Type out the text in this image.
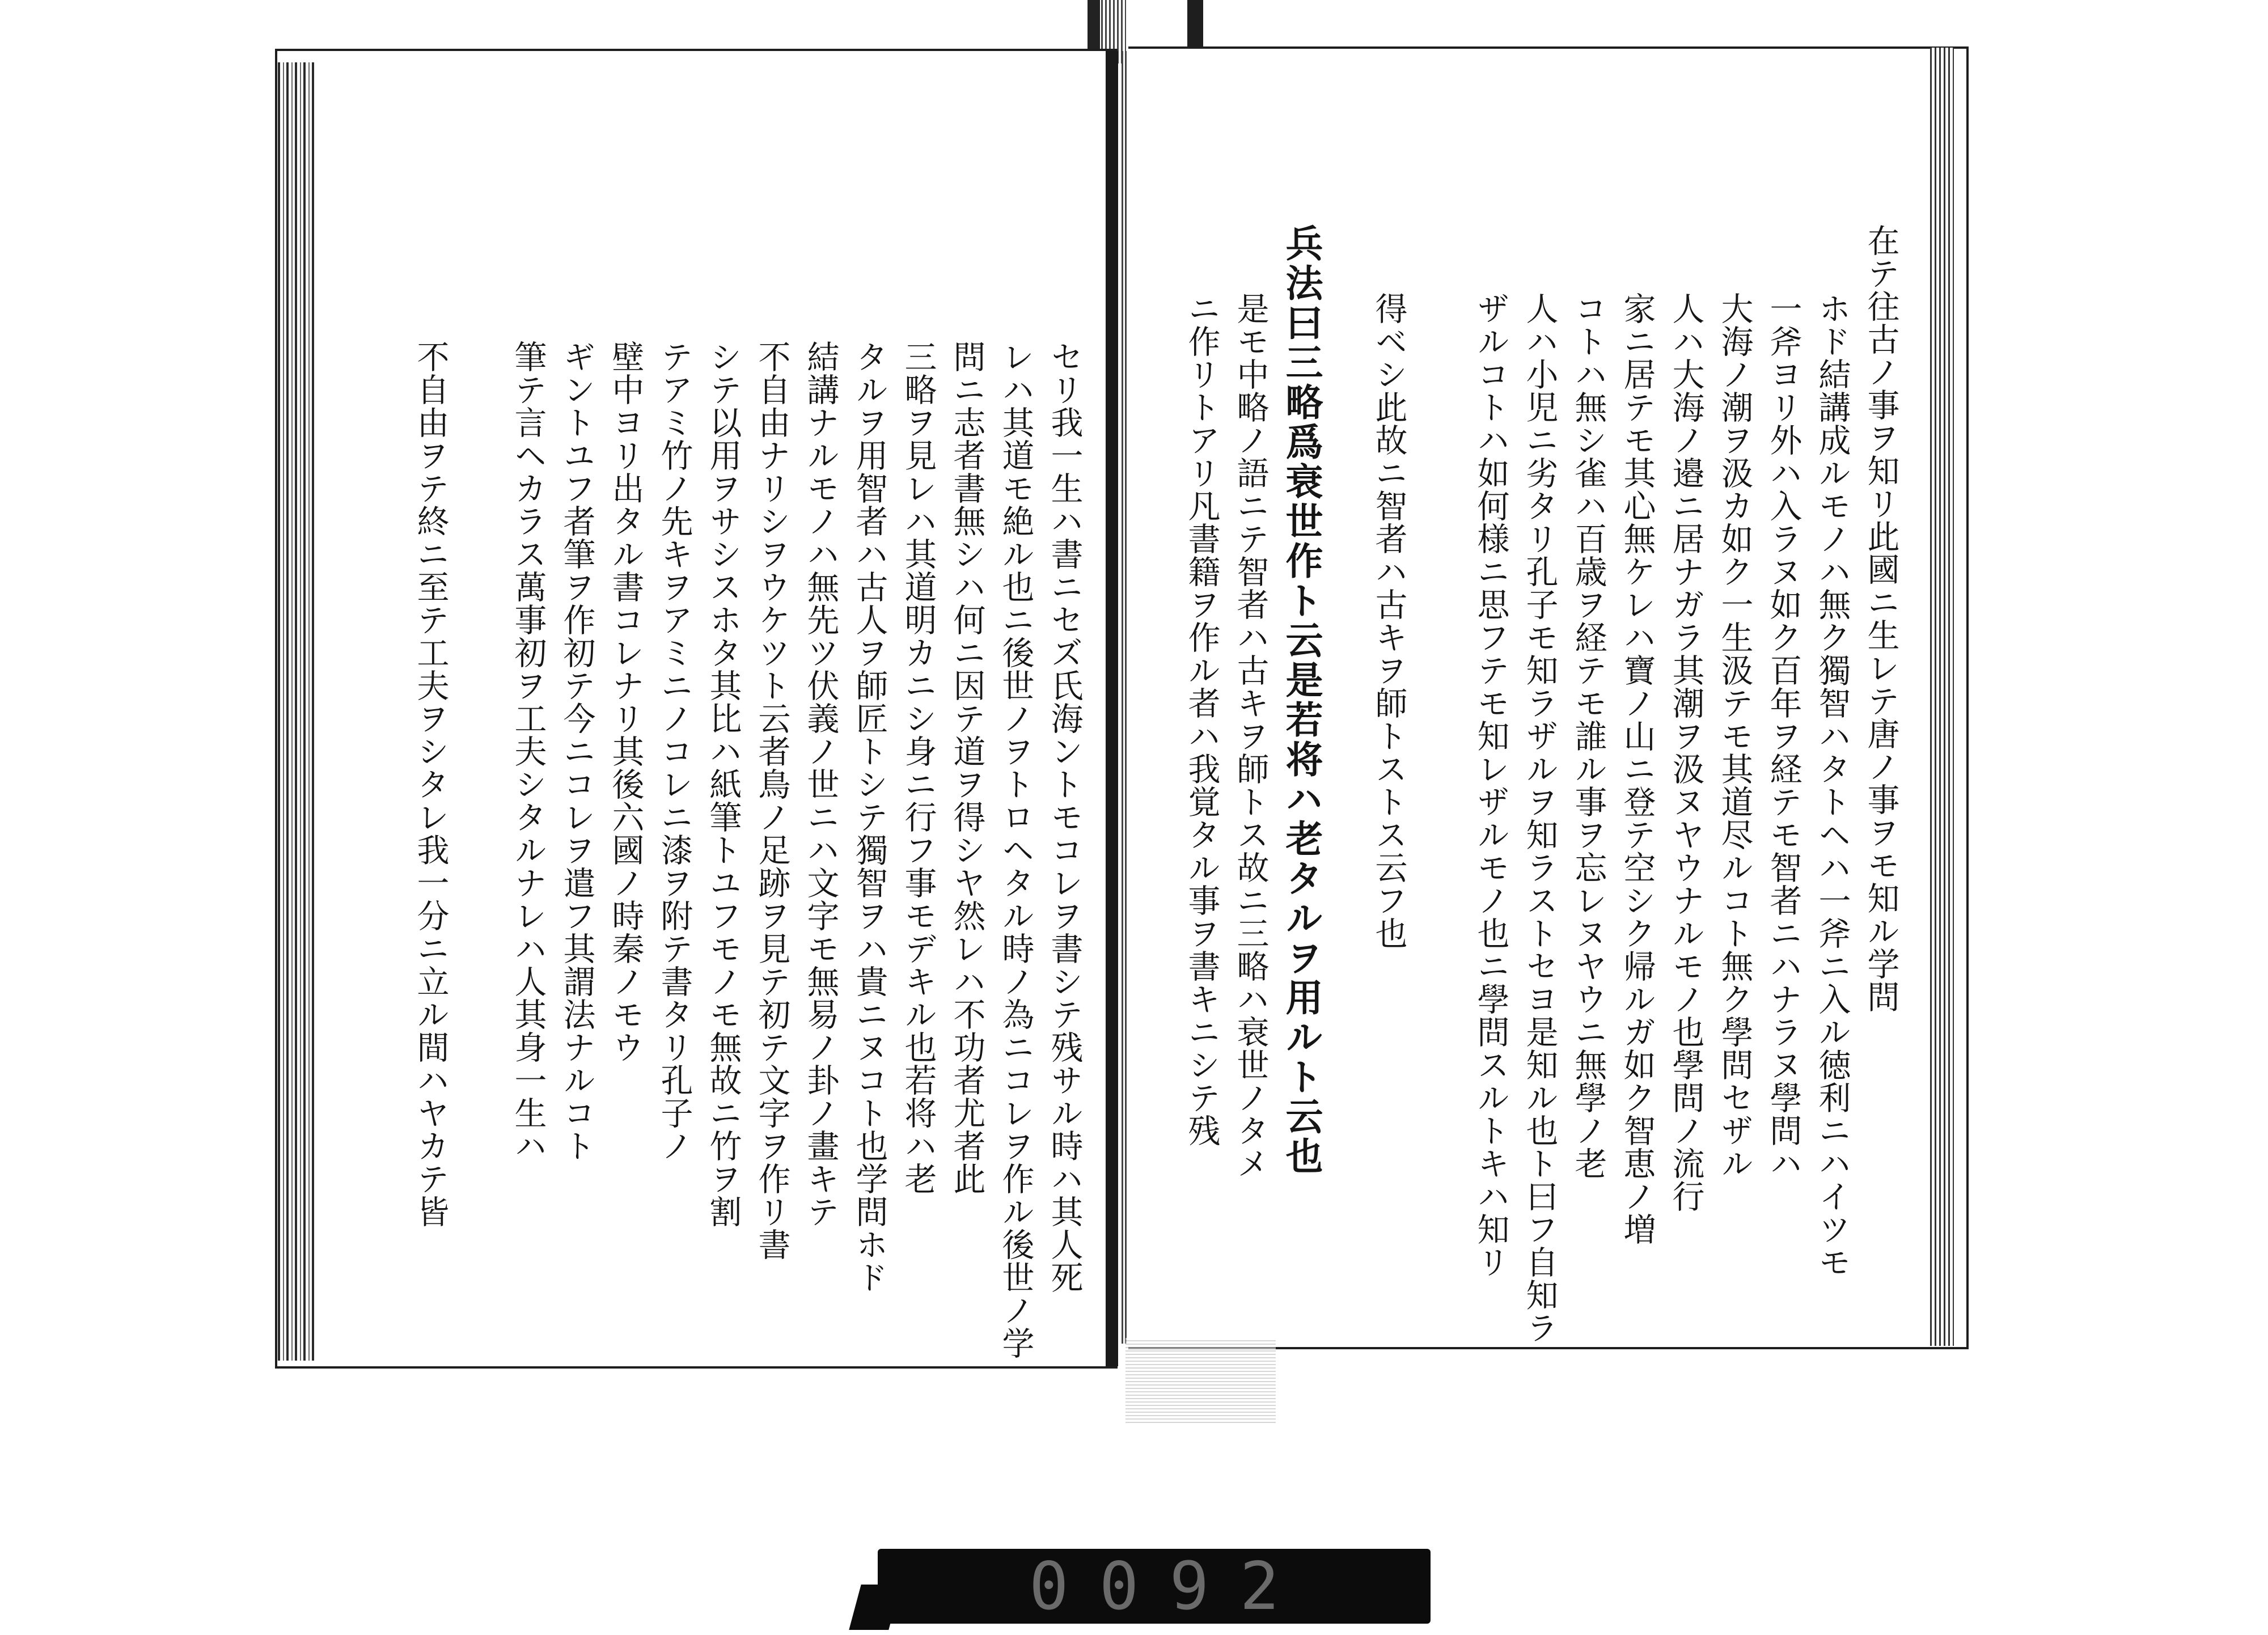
在テ往古ノ事ヲ知リ此國ニ生レテ唐ノ事ヲモ知ル学問
ホド結講成ルモノハ無ク獨智ハタトヘハ一斧ニ入ル徳利ニハイツモ
一斧ヨリ外ハ入ラヌ如ク百年ヲ経テモ智者ニハナラヌ學問ハ
大海ノ潮ヲ汲カ如ク一生汲テモ其道尽ルコト無ク學問セザル
人ハ大海ノ邉ニ居ナガラ其潮ヲ汲ヌヤウナルモノ也學問ノ流行
家ニ居テモ其心無ケレハ寶ノ山ニ登テ空シク帰ルガ如ク智恵ノ増
コトハ無シ雀ハ百歳ヲ経テモ誰ル事ヲ忘レヌヤウニ無學ノ老
人ハ小児ニ劣タリ孔子モ知ラザルヲ知ラストセヨ是知ル也ト曰フ自知ラ
ザルコトハ如何様ニ思フテモ知レザルモノ也ニ學問スルトキハ知リ
得ベシ此故ニ智者ハ古キヲ師トストス云フ也
兵法曰三略爲衰世作ト云是若将ハ老タルヲ用ルト云也
是モ中略ノ語ニテ智者ハ古キヲ師トス故ニ三略ハ衰世ノタメ
ニ作リトアリ凡書籍ヲ作ル者ハ我覚タル事ヲ書キニシテ残
セリ我一生ハ書ニセズ氏海ントモコレヲ書シテ残サル時ハ其人死
レハ其道モ絶ル也ニ後世ノヲトロヘタル時ノ為ニコレヲ作ル後世ノ学
問ニ志者書無シハ何ニ因テ道ヲ得シヤ然レハ不功者尤者此
三略ヲ見レハ其道明カニシ身ニ行フ事モデキル也若将ハ老
タルヲ用智者ハ古人ヲ師匠トシテ獨智ヲハ貴ニヌコト也学問ホド
結講ナルモノハ無先ツ伏義ノ世ニハ文字モ無易ノ卦ノ畫キテ
不自由ナリシヲウケツト云者鳥ノ足跡ヲ見テ初テ文字ヲ作リ書
シテ以用ヲサシスホタ其比ハ紙筆トユフモノモ無故ニ竹ヲ割
テアミ竹ノ先キヲアミニノコレニ漆ヲ附テ書タリ孔子ノ
壁中ヨリ出タル書コレナリ其後六國ノ時秦ノモウ
ギントユフ者筆ヲ作初テ今ニコレヲ遣フ其謂法ナルコト
筆テ言ヘカラス萬事初ヲ工夫シタルナレハ人其身一生ハ
不自由ヲテ終ニ至テ工夫ヲシタレ我一分ニ立ル間ハヤカテ皆
0092
